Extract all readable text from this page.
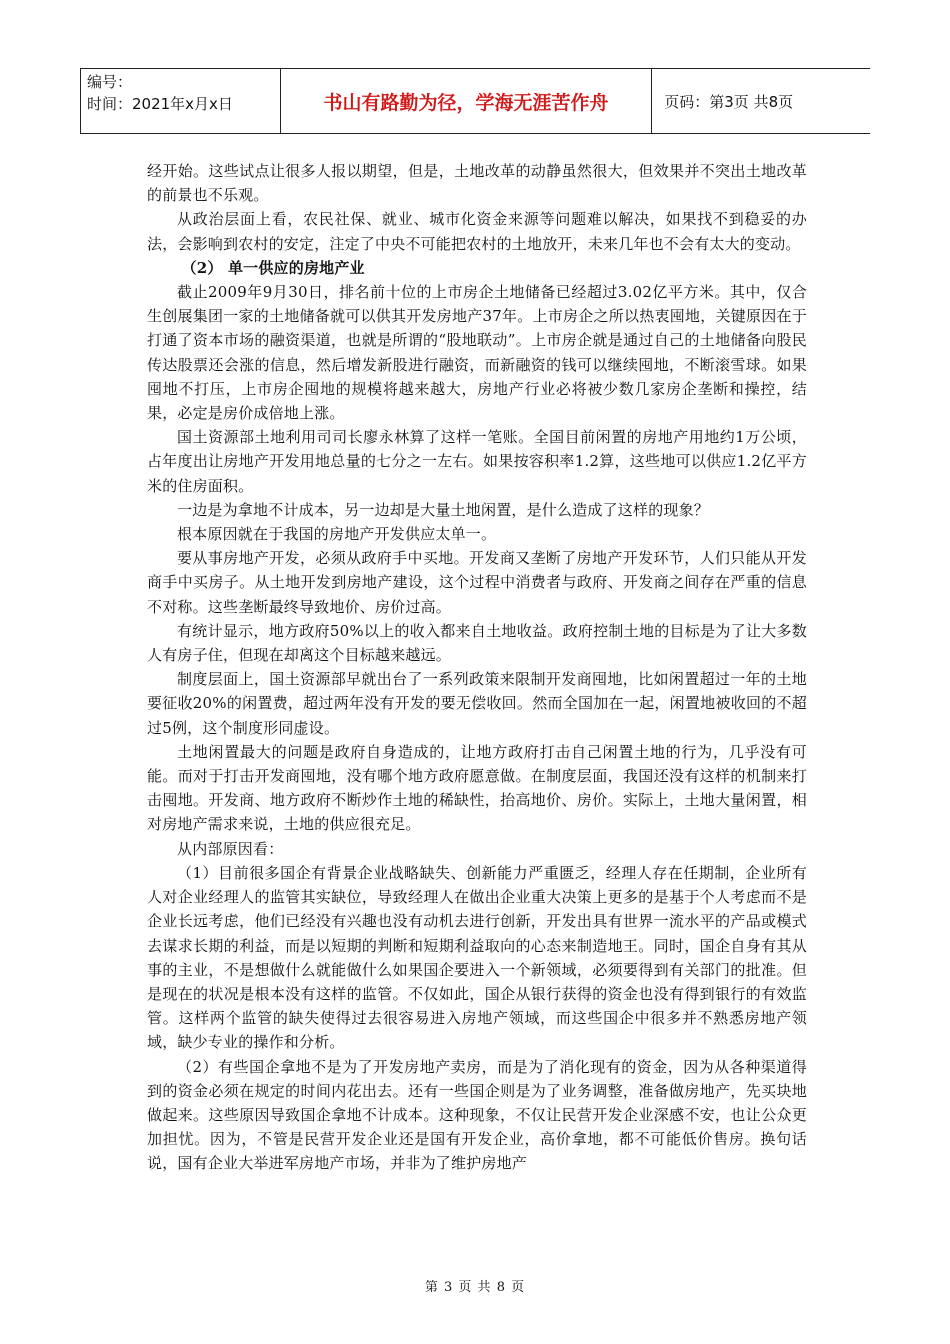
编号：
时间：2021年x月x日	书山有路勤为径，学海无涯苦作舟	页码：第3页 共8页

经开始。这些试点让很多人报以期望，但是，土地改革的动静虽然很大，但效果并不突出土地改革的前景也不乐观。

从政治层面上看，农民社保、就业、城市化资金来源等问题难以解决，如果找不到稳妥的办法，会影响到农村的安定，注定了中央不可能把农村的土地放开，未来几年也不会有太大的变动。

（2） 单一供应的房地产业

截止2009年9月30日，排名前十位的上市房企土地储备已经超过3.02亿平方米。其中，仅合生创展集团一家的土地储备就可以供其开发房地产37年。上市房企之所以热衷囤地，关键原因在于打通了资本市场的融资渠道，也就是所谓的“股地联动”。上市房企就是通过自己的土地储备向股民传达股票还会涨的信息，然后增发新股进行融资，而新融资的钱可以继续囤地，不断滚雪球。如果囤地不打压，上市房企囤地的规模将越来越大，房地产行业必将被少数几家房企垄断和操控，结果，必定是房价成倍地上涨。

国土资源部土地利用司司长廖永林算了这样一笔账。全国目前闲置的房地产用地约1万公顷，占年度出让房地产开发用地总量的七分之一左右。如果按容积率1.2算，这些地可以供应1.2亿平方米的住房面积。

一边是为拿地不计成本，另一边却是大量土地闲置，是什么造成了这样的现象？

根本原因就在于我国的房地产开发供应太单一。

要从事房地产开发，必须从政府手中买地。开发商又垄断了房地产开发环节，人们只能从开发商手中买房子。从土地开发到房地产建设，这个过程中消费者与政府、开发商之间存在严重的信息不对称。这些垄断最终导致地价、房价过高。

有统计显示，地方政府50%以上的收入都来自土地收益。政府控制土地的目标是为了让大多数人有房子住，但现在却离这个目标越来越远。

制度层面上，国土资源部早就出台了一系列政策来限制开发商囤地，比如闲置超过一年的土地要征收20%的闲置费，超过两年没有开发的要无偿收回。然而全国加在一起，闲置地被收回的不超过5例，这个制度形同虚设。

土地闲置最大的问题是政府自身造成的，让地方政府打击自己闲置土地的行为，几乎没有可能。而对于打击开发商囤地，没有哪个地方政府愿意做。在制度层面，我国还没有这样的机制来打击囤地。开发商、地方政府不断炒作土地的稀缺性，抬高地价、房价。实际上，土地大量闲置，相对房地产需求来说，土地的供应很充足。

从内部原因看：

（1）目前很多国企有背景企业战略缺失、创新能力严重匮乏，经理人存在任期制，企业所有人对企业经理人的监管其实缺位，导致经理人在做出企业重大决策上更多的是基于个人考虑而不是企业长远考虑，他们已经没有兴趣也没有动机去进行创新，开发出具有世界一流水平的产品或模式去谋求长期的利益，而是以短期的判断和短期利益取向的心态来制造地王。同时，国企自身有其从事的主业，不是想做什么就能做什么如果国企要进入一个新领域，必须要得到有关部门的批准。但是现在的状况是根本没有这样的监管。不仅如此，国企从银行获得的资金也没有得到银行的有效监管。这样两个监管的缺失使得过去很容易进入房地产领域，而这些国企中很多并不熟悉房地产领域，缺少专业的操作和分析。

（2）有些国企拿地不是为了开发房地产卖房，而是为了消化现有的资金，因为从各种渠道得到的资金必须在规定的时间内花出去。还有一些国企则是为了业务调整，准备做房地产，先买块地做起来。这些原因导致国企拿地不计成本。这种现象，不仅让民营开发企业深感不安，也让公众更加担忧。因为，不管是民营开发企业还是国有开发企业，高价拿地，都不可能低价售房。换句话说，国有企业大举进军房地产市场，并非为了维护房地产

第 3 页 共 8 页
